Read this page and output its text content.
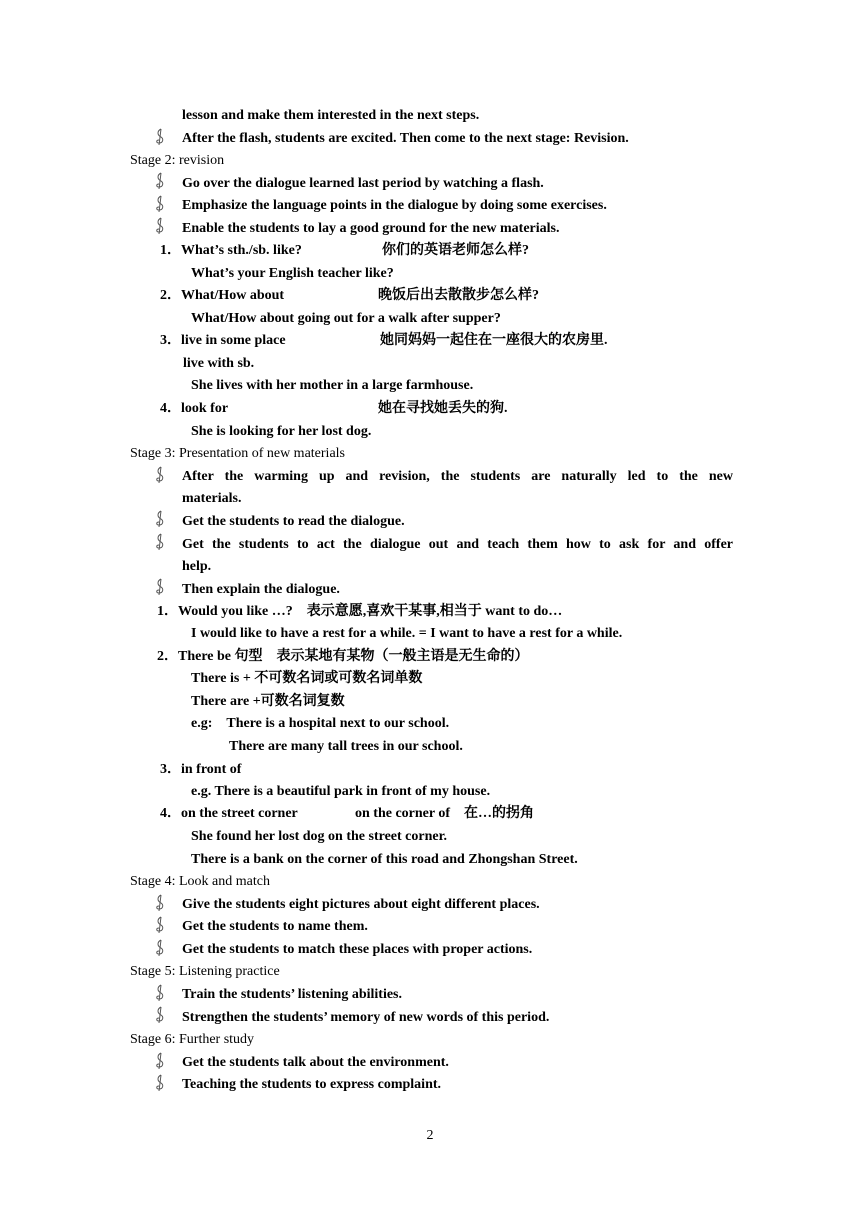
lesson and make them interested in the next steps.
After the flash, students are excited. Then come to the next stage: Revision.
Stage 2: revision
Go over the dialogue learned last period by watching a flash.
Emphasize the language points in the dialogue by doing some exercises.
Enable the students to lay a good ground for the new materials.
1．What’s sth./sb. like?	你们的英语老师怎么样?
What’s your English teacher like?
2．What/How about	晚饭后出去散散步怎么样?
What/How about going out for a walk after supper?
3．live in some place	她同妈妈一起住在一座很大的农房里.
live with sb.
She lives with her mother in a large farmhouse.
4．look for	她在寻找她丢失的狗.
She is looking for her lost dog.
Stage 3: Presentation of new materials
After the warming up and revision, the students are naturally led to the new
materials.
Get the students to read the dialogue.
Get the students to act the dialogue out and teach them how to ask for and offer
help.
Then explain the dialogue.
1．Would you like …?　表示意愿,喜欢干某事,相当于 want to do…
I would like to have a rest for a while. = I want to have a rest for a while.
2．There be 句型　表示某地有某物（一般主语是无生命的）
There is + 不可数名词或可数名词单数
There are +可数名词复数
e.g:　There is a hospital next to our school.
There are many tall trees in our school.
3．in front of
e.g. There is a beautiful park in front of my house.
4．on the street corner	on the corner of　在…的拐角
She found her lost dog on the street corner.
There is a bank on the corner of this road and Zhongshan Street.
Stage 4: Look and match
Give the students eight pictures about eight different places.
Get the students to name them.
Get the students to match these places with proper actions.
Stage 5: Listening practice
Train the students’ listening abilities.
Strengthen the students’ memory of new words of this period.
Stage 6: Further study
Get the students talk about the environment.
Teaching the students to express complaint.
2
